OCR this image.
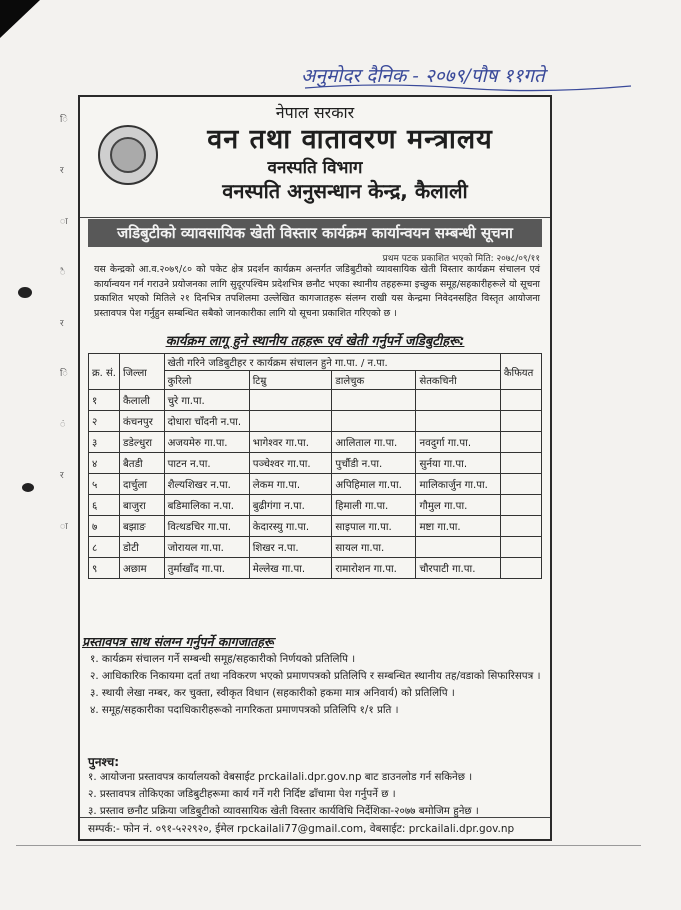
ि
र
ा
ै
र
ि
ं
र
ा
अनुमोदर दैनिक - २०७९/पौष ११गते
नेपाल सरकार
वन तथा वातावरण मन्त्रालय
वनस्पति विभाग
वनस्पति अनुसन्धान केन्द्र, कैलाली
जडिबुटीको व्यावसायिक खेती विस्तार कार्यक्रम कार्यान्वयन सम्बन्धी सूचना
प्रथम पटक प्रकाशित भएको मिति: २०७८/०९/११
यस केन्द्रको आ.व.२०७९/८० को पकेट क्षेत्र प्रदर्शन कार्यक्रम अन्तर्गत जडिबुटीको व्यावसायिक खेती विस्तार कार्यक्रम संचालन एवं कार्यान्वयन गर्न गराउने प्रयोजनका लागि सुदूरपश्चिम प्रदेशभित्र छनौट भएका स्थानीय तहहरूमा इच्छुक समूह/सहकारीहरूले यो सूचना प्रकाशित भएको मितिले २१ दिनभित्र तपशिलमा उल्लेखित कागजातहरू संलग्न राखी यस केन्द्रमा निवेदनसहित विस्तृत आयोजना प्रस्तावपत्र पेश गर्नुहुन सम्बन्धित सबैको जानकारीका लागि यो सूचना प्रकाशित गरिएको छ ।
कार्यक्रम लागू हुने स्थानीय तहहरू एवं खेती गर्नुपर्ने जडिबुटीहरू:
क्र. सं.	जिल्ला	खेती गरिने जडिबुटीहर र कार्यक्रम संचालन हुने गा.पा. / न.पा.				कैफियत
		कुरिलो	टिम्रु	डालेचुक	सेतकचिनी	
१	कैलाली	चुरे गा.पा.				
२	कंचनपुर	दोधारा चाँदनी न.पा.				
३	डडेल्धुरा	अजयमेरु गा.पा.	भागेश्वर गा.पा.	आलिताल गा.पा.	नवदुर्गा गा.पा.	
४	बैतडी	पाटन न.पा.	पञ्चेश्वर गा.पा.	पुर्चौडी न.पा.	सुर्नया गा.पा.	
५	दार्चुला	शैल्यशिखर न.पा.	लेकम गा.पा.	अपिहिमाल गा.पा.	मालिकार्जुन गा.पा.	
६	बाजुरा	बडिमालिका न.पा.	बुढीगंगा न.पा.	हिमाली गा.पा.	गौमुल गा.पा.	
७	बझाङ	वित्थडचिर गा.पा.	केदारस्यु गा.पा.	साइपाल गा.पा.	मष्टा गा.पा.	
८	डोटी	जोरायल गा.पा.	शिखर न.पा.	सायल गा.पा.		
९	अछाम	तुर्माखाँद गा.पा.	मेल्लेख गा.पा.	रामारोशन गा.पा.	चौरपाटी गा.पा.	
प्रस्तावपत्र साथ संलग्न गर्नुपर्ने कागजातहरू
१. कार्यक्रम संचालन गर्ने सम्बन्धी समूह/सहकारीको निर्णयको प्रतिलिपि ।
२. आधिकारिक निकायमा दर्ता तथा नविकरण भएको प्रमाणपत्रको प्रतिलिपि र सम्बन्धित स्थानीय तह/वडाको सिफारिसपत्र ।
३. स्थायी लेखा नम्बर, कर चुक्ता, स्वीकृत विधान (सहकारीको हकमा मात्र अनिवार्य) को प्रतिलिपि ।
४. समूह/सहकारीका पदाधिकारीहरूको नागरिकता प्रमाणपत्रको प्रतिलिपि १/१ प्रति ।
पुनश्च:
१. आयोजना प्रस्तावपत्र कार्यालयको वेबसाईट prckailali.dpr.gov.np बाट डाउनलोड गर्न सकिनेछ ।
२. प्रस्तावपत्र तोकिएका जडिबुटीहरूमा कार्य गर्ने गरी निर्दिष्ट ढाँचामा पेश गर्नुपर्ने छ ।
३. प्रस्ताव छनौट प्रक्रिया जडिबुटीको व्यावसायिक खेती विस्तार कार्यविधि निर्देशिका-२०७७ बमोजिम हुनेछ ।
सम्पर्क:- फोन नं. ०९१-५२२९२०, ईमेल rpckailali77@gmail.com, वेबसाईट: prckailali.dpr.gov.np
